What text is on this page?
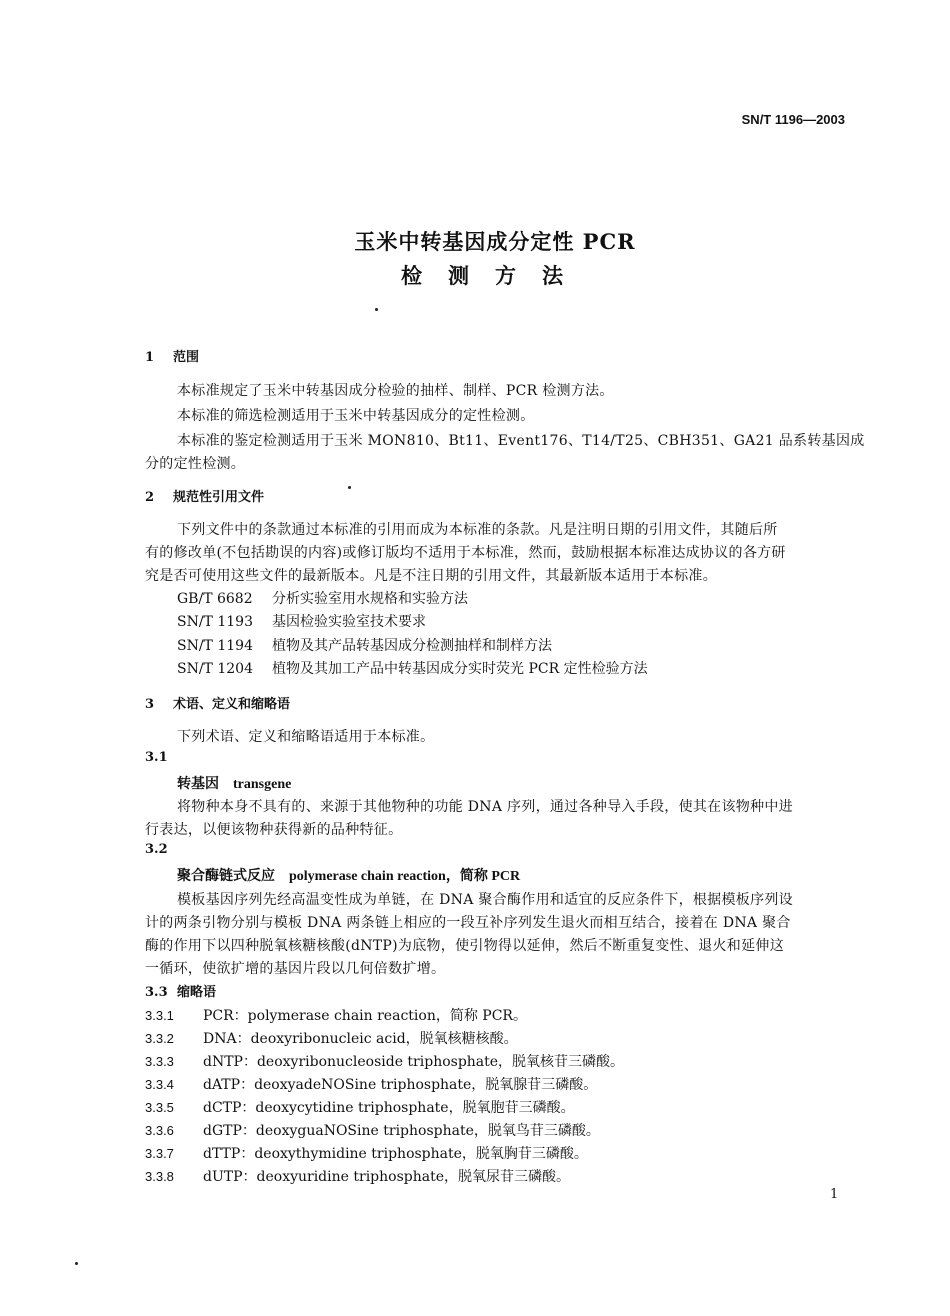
SN/T 1196—2003
玉米中转基因成分定性 PCR
检测方法
1 范围
本标准规定了玉米中转基因成分检验的抽样、制样、PCR 检测方法。
本标准的筛选检测适用于玉米中转基因成分的定性检测。
本标准的鉴定检测适用于玉米 MON810、Bt11、Event176、T14/T25、CBH351、GA21 品系转基因成
分的定性检测。
2 规范性引用文件
下列文件中的条款通过本标准的引用而成为本标准的条款。凡是注明日期的引用文件，其随后所
有的修改单(不包括勘误的内容)或修订版均不适用于本标准，然而，鼓励根据本标准达成协议的各方研
究是否可使用这些文件的最新版本。凡是不注日期的引用文件，其最新版本适用于本标准。
GB/T 6682 分析实验室用水规格和实验方法
SN/T 1193 基因检验实验室技术要求
SN/T 1194 植物及其产品转基因成分检测抽样和制样方法
SN/T 1204 植物及其加工产品中转基因成分实时荧光 PCR 定性检验方法
3 术语、定义和缩略语
下列术语、定义和缩略语适用于本标准。
3.1
转基因 transgene
将物种本身不具有的、来源于其他物种的功能 DNA 序列，通过各种导入手段，使其在该物种中进
行表达，以便该物种获得新的品种特征。
3.2
聚合酶链式反应 polymerase chain reaction，简称 PCR
模板基因序列先经高温变性成为单链，在 DNA 聚合酶作用和适宜的反应条件下，根据模板序列设
计的两条引物分别与模板 DNA 两条链上相应的一段互补序列发生退火而相互结合，接着在 DNA 聚合
酶的作用下以四种脱氧核糖核酸(dNTP)为底物，使引物得以延伸，然后不断重复变性、退火和延伸这
一循环，使欲扩增的基因片段以几何倍数扩增。
3.3 缩略语
3.3.1 PCR：polymerase chain reaction，简称 PCR。
3.3.2 DNA：deoxyribonucleic acid，脱氧核糖核酸。
3.3.3 dNTP：deoxyribonucleoside triphosphate，脱氧核苷三磷酸。
3.3.4 dATP：deoxyadeNOSine triphosphate，脱氧腺苷三磷酸。
3.3.5 dCTP：deoxycytidine triphosphate，脱氧胞苷三磷酸。
3.3.6 dGTP：deoxyguaNOSine triphosphate，脱氧鸟苷三磷酸。
3.3.7 dTTP：deoxythymidine triphosphate，脱氧胸苷三磷酸。
3.3.8 dUTP：deoxyuridine triphosphate，脱氧尿苷三磷酸。
1
